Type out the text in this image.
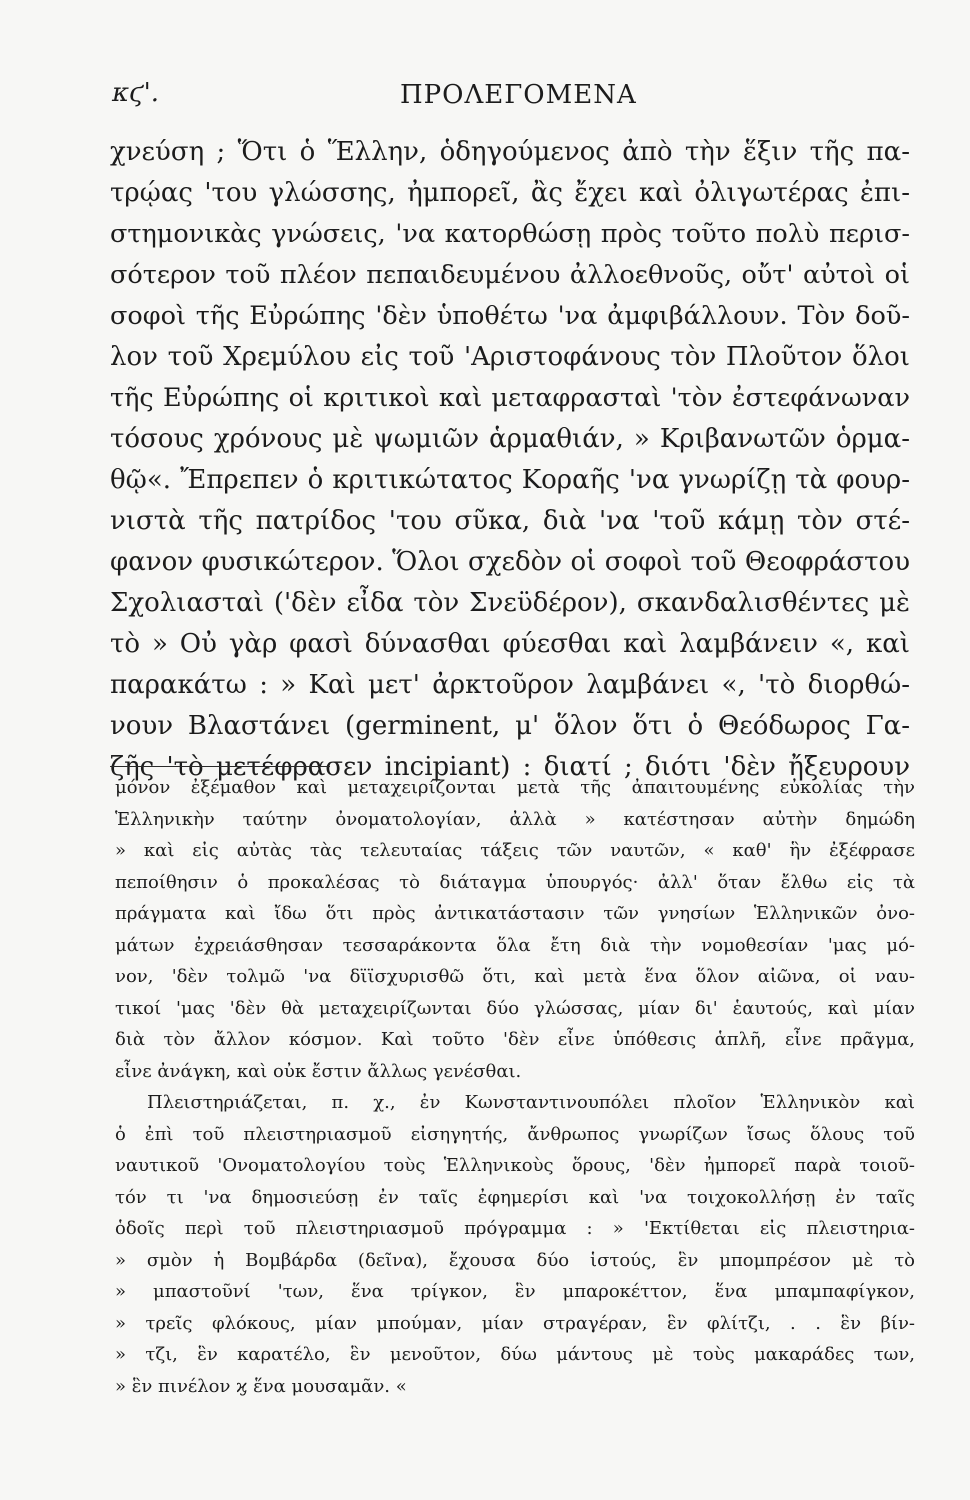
κϛ'.	ΠΡΟΛΕΓΟΜΕΝΑ
χνεύση ; Ὅτι ὁ Ἕλλην, ὁδηγούμενος ἀπὸ τὴν ἕξιν τῆς πα-
τρῴας 'του γλώσσης, ἠμπορεῖ, ἂς ἔχει καὶ ὀλιγωτέρας ἐπι-
στημονικὰς γνώσεις, 'να κατορθώσῃ πρὸς τοῦτο πολὺ περισ-
σότερον τοῦ πλέον πεπαιδευμένου ἀλλοεθνοῦς, οὔτ' αὐτοὶ οἱ
σοφοὶ τῆς Εὐρώπης 'δὲν ὑποθέτω 'να ἀμφιβάλλουν. Τὸν δοῦ-
λον τοῦ Χρεμύλου εἰς τοῦ 'Αριστοφάνους τὸν Πλοῦτον ὅλοι
τῆς Εὐρώπης οἱ κριτικοὶ καὶ μεταφρασταὶ 'τὸν ἐστεφάνωναν
τόσους χρόνους μὲ ψωμιῶν ἁρμαθιάν, » Κριβανωτῶν ὁρμα-
θῷ«. Ἔπρεπεν ὁ κριτικώτατος Κοραῆς 'να γνωρίζῃ τὰ φουρ-
νιστὰ τῆς πατρίδος 'του σῦκα, διὰ 'να 'τοῦ κάμῃ τὸν στέ-
φανον φυσικώτερον. Ὅλοι σχεδὸν οἱ σοφοὶ τοῦ Θεοφράστου
Σχολιασταὶ ('δὲν εἶδα τὸν Σνεϋδέρον), σκανδαλισθέντες μὲ
τὸ » Οὐ γὰρ φασὶ δύνασθαι φύεσθαι καὶ λαμβάνειν «, καὶ
παρακάτω : » Καὶ μετ' ἀρκτοῦρον λαμβάνει «, 'τὸ διορθώ-
νουν Βλαστάνει (germinent, μ' ὅλον ὅτι ὁ Θεόδωρος Γα-
ζῆς 'τὸ μετέφρασεν incipiant) : διατί ; διότι 'δὲν ἤξευρουν
μόνον ἐξέμαθον καὶ μεταχειρίζονται μετὰ τῆς ἀπαιτουμένης εὐκολίας τὴν
Ἑλληνικὴν ταύτην ὀνοματολογίαν, ἀλλὰ » κατέστησαν αὐτὴν δημώδη
» καὶ εἰς αὐτὰς τὰς τελευταίας τάξεις τῶν ναυτῶν, « καθ' ἣν ἐξέφρασε
πεποίθησιν ὁ προκαλέσας τὸ διάταγμα ὑπουργός· ἀλλ' ὅταν ἔλθω εἰς τὰ
πράγματα καὶ ἴδω ὅτι πρὸς ἀντικατάστασιν τῶν γνησίων Ἑλληνικῶν ὀνο-
μάτων ἐχρειάσθησαν τεσσαράκοντα ὅλα ἔτη διὰ τὴν νομοθεσίαν 'μας μό-
νον, 'δὲν τολμῶ 'να δϊϊσχυρισθῶ ὅτι, καὶ μετὰ ἕνα ὅλον αἰῶνα, οἱ ναυ-
τικοί 'μας 'δὲν θὰ μεταχειρίζωνται δύο γλώσσας, μίαν δι' ἑαυτούς, καὶ μίαν
διὰ τὸν ἄλλον κόσμον. Καὶ τοῦτο 'δὲν εἶνε ὑπόθεσις ἁπλῆ, εἶνε πρᾶγμα,
εἶνε ἀνάγκη, καὶ οὐκ ἔστιν ἄλλως γενέσθαι.
Πλειστηριάζεται, π. χ., ἐν Κωνσταντινουπόλει πλοῖον Ἑλληνικὸν καὶ
ὁ ἐπὶ τοῦ πλειστηριασμοῦ εἰσηγητής, ἄνθρωπος γνωρίζων ἴσως ὅλους τοῦ
ναυτικοῦ 'Ονοματολογίου τοὺς Ἑλληνικοὺς ὅρους, 'δὲν ἠμπορεῖ παρὰ τοιοῦ-
τόν τι 'να δημοσιεύσῃ ἐν ταῖς ἐφημερίσι καὶ 'να τοιχοκολλήσῃ ἐν ταῖς
ὁδοῖς περὶ τοῦ πλειστηριασμοῦ πρόγραμμα : » 'Εκτίθεται εἰς πλειστηρια-
» σμὸν ἡ Βομβάρδα (δεῖνα), ἔχουσα δύο ἱστούς, ἓν μπομπρέσον μὲ τὸ
» μπαστοῦνί 'των, ἕνα τρίγκον, ἓν μπαροκέττον, ἕνα μπαμπαφίγκον,
» τρεῖς φλόκους, μίαν μπούμαν, μίαν στραγέραν, ἓν φλίτζι, . . ἓν βίν-
» τζι, ἓν καρατέλο, ἓν μενοῦτον, δύω μάντους μὲ τοὺς μακαράδες των,
» ἓν πινέλον ϗ ἕνα μουσαμᾶν. «
